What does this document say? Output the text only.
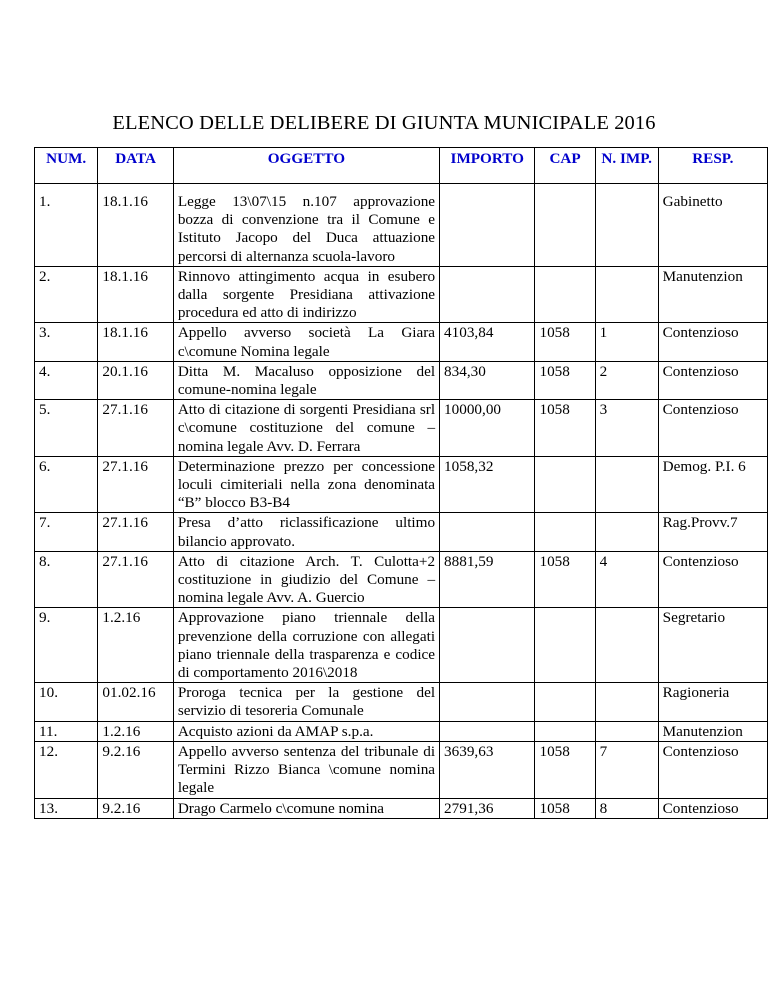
ELENCO DELLE DELIBERE DI GIUNTA MUNICIPALE 2016
NUM.	DATA	OGGETTO	IMPORTO	CAP	N. IMP.	RESP.
1.	18.1.16	Legge 13\07\15 n.107 approvazione bozza di convenzione tra il Comune e Istituto Jacopo del Duca attuazione percorsi di alternanza scuola-lavoro				Gabinetto
2.	18.1.16	Rinnovo attingimento acqua in esubero dalla sorgente Presidiana attivazione procedura ed atto di indirizzo				Manutenzion
3.	18.1.16	Appello avverso società La Giara c\comune Nomina legale	4103,84	1058	1	Contenzioso
4.	20.1.16	Ditta M. Macaluso opposizione del comune-nomina legale	834,30	1058	2	Contenzioso
5.	27.1.16	Atto di citazione di sorgenti Presidiana srl c\comune costituzione del comune –nomina legale Avv. D. Ferrara	10000,00	1058	3	Contenzioso
6.	27.1.16	Determinazione prezzo per concessione loculi cimiteriali nella zona denominata “B” blocco B3-B4	1058,32			Demog. P.I. 6
7.	27.1.16	Presa d’atto riclassificazione ultimo bilancio approvato.				Rag.Provv.7
8.	27.1.16	Atto di citazione Arch. T. Culotta+2 costituzione in giudizio del Comune –nomina legale Avv. A. Guercio	8881,59	1058	4	Contenzioso
9.	1.2.16	Approvazione piano triennale della prevenzione della corruzione con allegati piano triennale della trasparenza e codice di comportamento 2016\2018				Segretario
10.	01.02.16	Proroga tecnica per la gestione del servizio di tesoreria Comunale				Ragioneria
11.	1.2.16	Acquisto azioni da AMAP s.p.a.				Manutenzion
12.	9.2.16	Appello avverso sentenza del tribunale di Termini Rizzo Bianca \comune nomina legale	3639,63	1058	7	Contenzioso
13.	9.2.16	Drago Carmelo c\comune nomina	2791,36	1058	8	Contenzioso
